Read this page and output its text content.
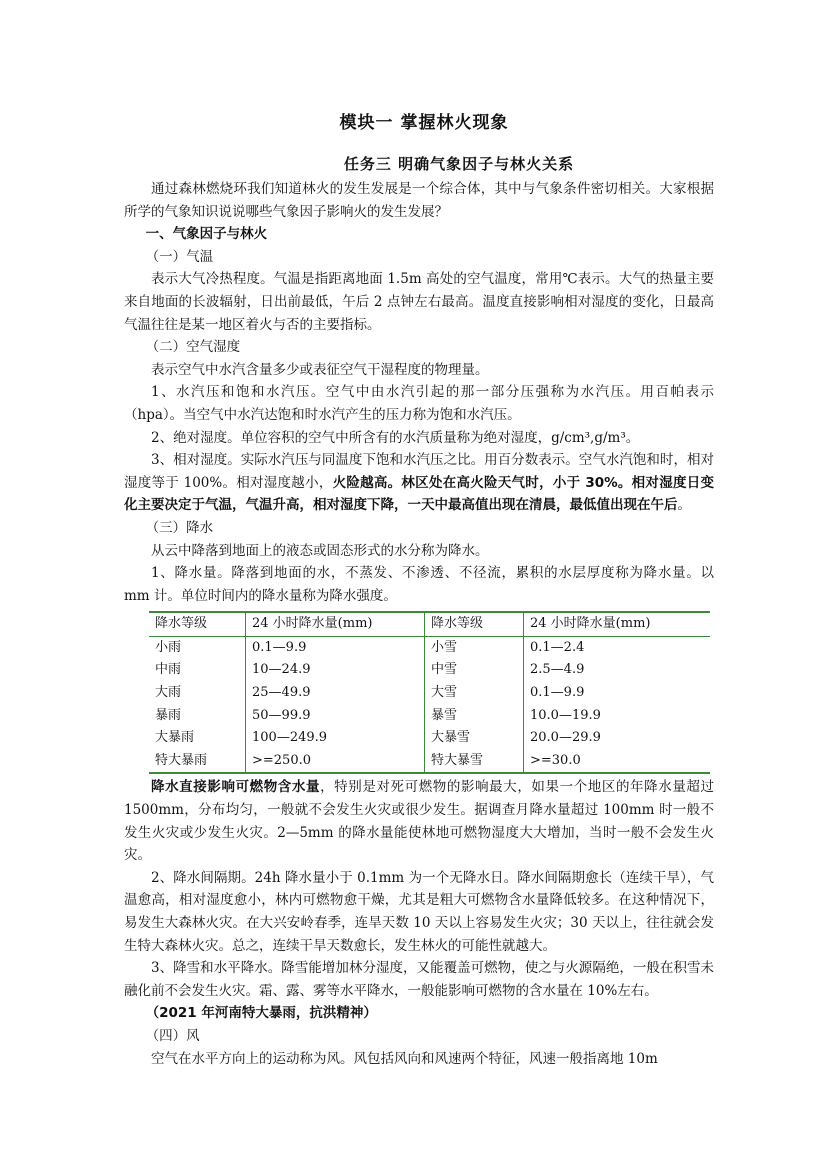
模块一 掌握林火现象
任务三 明确气象因子与林火关系

通过森林燃烧环我们知道林火的发生发展是一个综合体，其中与气象条件密切相关。大家根据所学的气象知识说说哪些气象因子影响火的发生发展？

一、气象因子与林火

（一）气温

表示大气冷热程度。气温是指距离地面 1.5m 高处的空气温度，常用℃表示。大气的热量主要来自地面的长波辐射，日出前最低，午后 2 点钟左右最高。温度直接影响相对湿度的变化，日最高气温往往是某一地区着火与否的主要指标。

（二）空气湿度

表示空气中水汽含量多少或表征空气干湿程度的物理量。

1、水汽压和饱和水汽压。空气中由水汽引起的那一部分压强称为水汽压。用百帕表示（hpa）。当空气中水汽达饱和时水汽产生的压力称为饱和水汽压。

2、绝对湿度。单位容积的空气中所含有的水汽质量称为绝对湿度，g/cm³,g/m³。

3、相对湿度。实际水汽压与同温度下饱和水汽压之比。用百分数表示。空气水汽饱和时，相对湿度等于 100%。相对湿度越小，火险越高。林区处在高火险天气时，小于 30%。相对湿度日变化主要决定于气温，气温升高，相对湿度下降，一天中最高值出现在清晨，最低值出现在午后。

（三）降水

从云中降落到地面上的液态或固态形式的水分称为降水。

1、降水量。降落到地面的水，不蒸发、不渗透、不径流，累积的水层厚度称为降水量。以 mm 计。单位时间内的降水量称为降水强度。

降水等级	24 小时降水量(mm)	降水等级	24 小时降水量(mm)
小雨	0.1—9.9	小雪	0.1—2.4
中雨	10—24.9	中雪	2.5—4.9
大雨	25—49.9	大雪	0.1—9.9
暴雨	50—99.9	暴雪	10.0—19.9
大暴雨	100—249.9	大暴雪	20.0—29.9
特大暴雨	>=250.0	特大暴雪	>=30.0

降水直接影响可燃物含水量，特别是对死可燃物的影响最大，如果一个地区的年降水量超过 1500mm，分布均匀，一般就不会发生火灾或很少发生。据调查月降水量超过 100mm 时一般不发生火灾或少发生火灾。2—5mm 的降水量能使林地可燃物湿度大大增加，当时一般不会发生火灾。

2、降水间隔期。24h 降水量小于 0.1mm 为一个无降水日。降水间隔期愈长（连续干旱），气温愈高，相对湿度愈小，林内可燃物愈干燥，尤其是粗大可燃物含水量降低较多。在这种情况下，易发生大森林火灾。在大兴安岭春季，连旱天数 10 天以上容易发生火灾；30 天以上，往往就会发生特大森林火灾。总之，连续干旱天数愈长，发生林火的可能性就越大。

3、降雪和水平降水。降雪能增加林分湿度，又能覆盖可燃物，使之与火源隔绝，一般在积雪未融化前不会发生火灾。霜、露、雾等水平降水，一般能影响可燃物的含水量在 10%左右。

（2021 年河南特大暴雨，抗洪精神）

（四）风

空气在水平方向上的运动称为风。风包括风向和风速两个特征，风速一般指离地 10m
